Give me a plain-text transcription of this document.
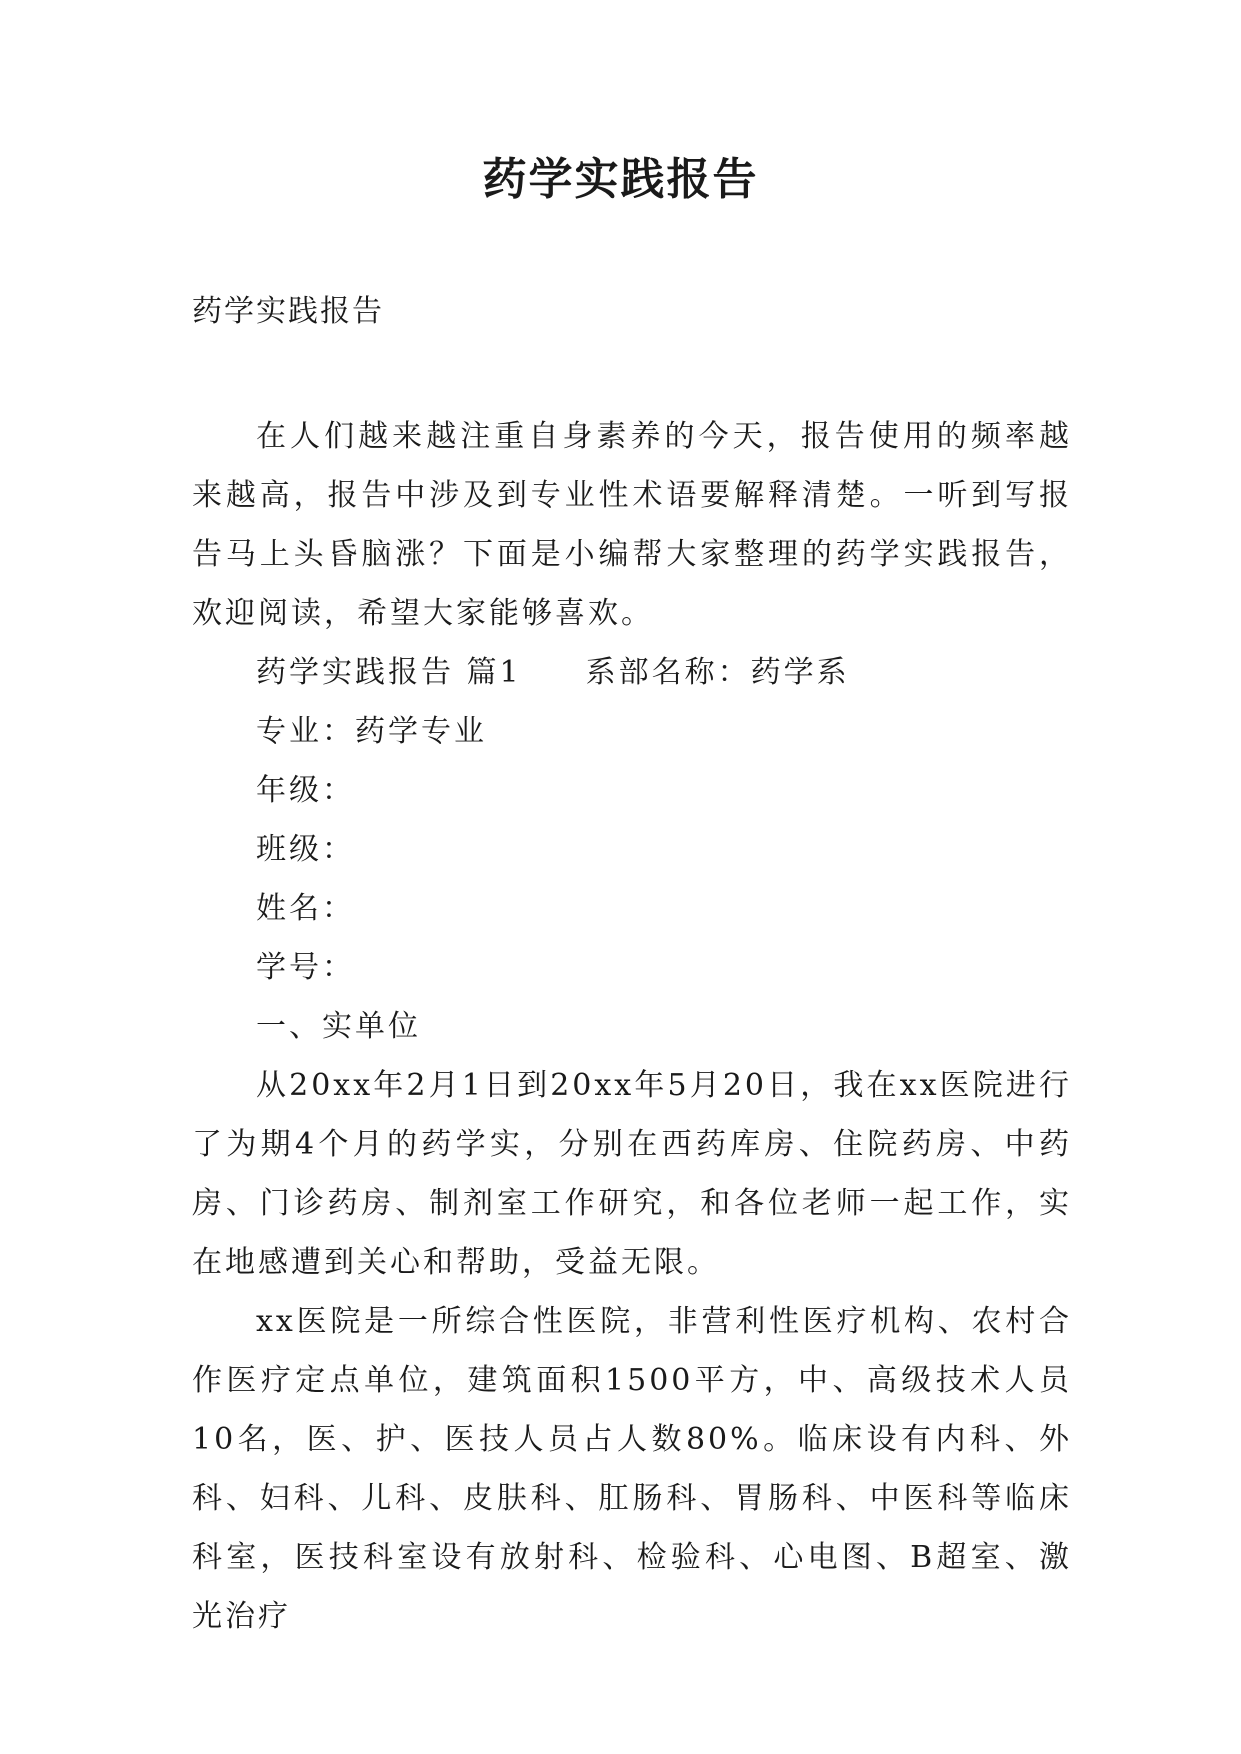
药学实践报告
药学实践报告

在人们越来越注重自身素养的今天，报告使用的频率越来越高，报告中涉及到专业性术语要解释清楚。一听到写报告马上头昏脑涨？下面是小编帮大家整理的药学实践报告，欢迎阅读，希望大家能够喜欢。

药学实践报告 篇1 系部名称：药学系
专业：药学专业
年级：
班级：
姓名：
学号：
一、实单位

从20xx年2月1日到20xx年5月20日，我在xx医院进行了为期4个月的药学实，分别在西药库房、住院药房、中药房、门诊药房、制剂室工作研究，和各位老师一起工作，实在地感遭到关心和帮助，受益无限。

xx医院是一所综合性医院，非营利性医疗机构、农村合作医疗定点单位，建筑面积1500平方，中、高级技术人员10名，医、护、医技人员占人数80%。临床设有内科、外科、妇科、儿科、皮肤科、肛肠科、胃肠科、中医科等临床科室，医技科室设有放射科、检验科、心电图、B超室、激光治疗
